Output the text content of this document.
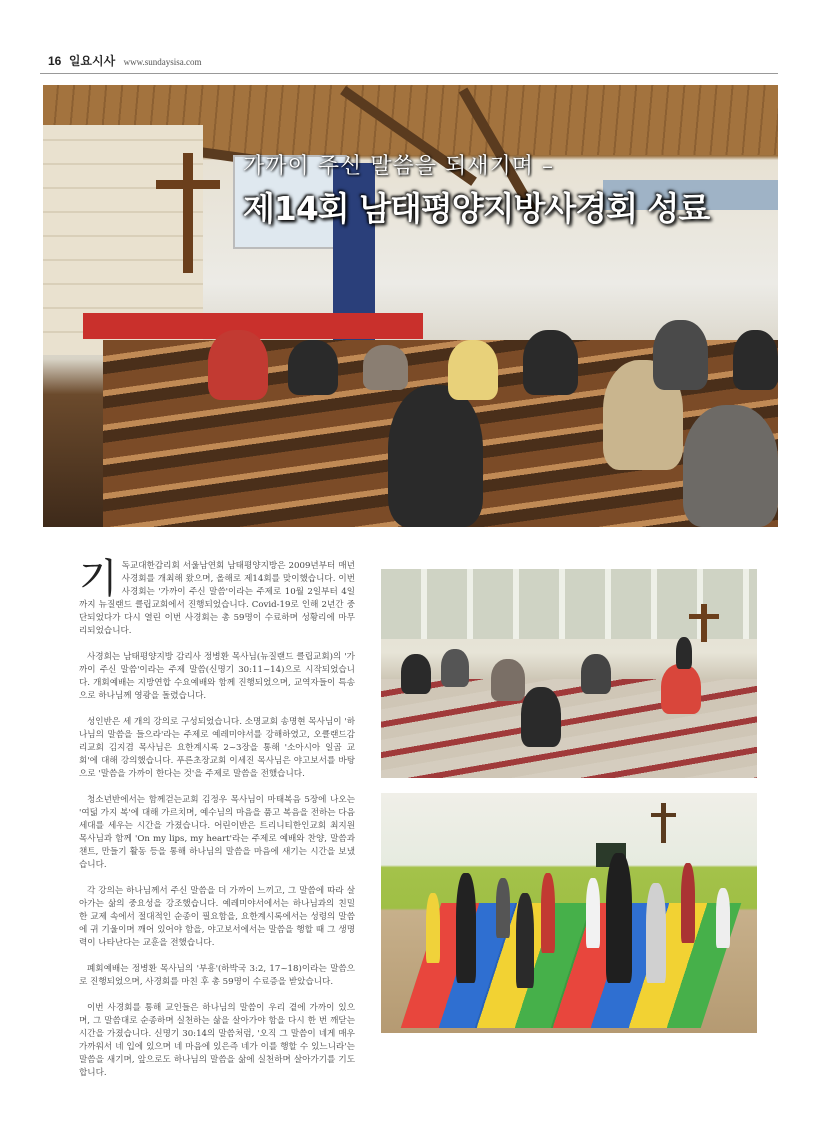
16 일요시사 www.sundaysisa.com
가까이 주신 말씀을 되새기며 –
제14회 남태평양지방사경회 성료

기독교대한감리회 서울남연회 남태평양지방은 2009년부터 매년 사경회를 개최해 왔으며, 올해로 제14회를 맞이했습니다. 이번 사경회는 '가까이 주신 말씀'이라는 주제로 10월 2일부터 4일까지 뉴질랜드 클립교회에서 진행되었습니다. Covid-19로 인해 2년간 중단되었다가 다시 열린 이번 사경회는 총 59명이 수료하며 성황리에 마무리되었습니다.

사경회는 남태평양지방 감리사 정병환 목사님(뉴질랜드 클립교회)의 '가까이 주신 말씀'이라는 주제 말씀(신명기 30:11~14)으로 시작되었습니다. 개회예배는 지방연합 수요예배와 함께 진행되었으며, 교역자들이 특송으로 하나님께 영광을 돌렸습니다.

성인반은 세 개의 강의로 구성되었습니다. 소명교회 송명현 목사님이 '하나님의 말씀을 들으라'라는 주제로 예레미야서를 강해하였고, 오클랜드감리교회 김지겸 목사님은 요한계시록 2~3장을 통해 '소아시아 일곱 교회'에 대해 강의했습니다. 푸른초장교회 이세진 목사님은 야고보서를 바탕으로 '말씀을 가까이 한다는 것'을 주제로 말씀을 전했습니다.

청소년반에서는 함께걷는교회 김정우 목사님이 마태복음 5장에 나오는 '여덟 가지 복'에 대해 가르치며, 예수님의 마음을 품고 복음을 전하는 다음 세대를 세우는 시간을 가졌습니다. 어린이반은 트리니티한인교회 최지원 목사님과 함께 'On my lips, my heart'라는 주제로 예배와 찬양, 말씀과 챈트, 만들기 활동 등을 통해 하나님의 말씀을 마음에 새기는 시간을 보냈습니다.

각 강의는 하나님께서 주신 말씀을 더 가까이 느끼고, 그 말씀에 따라 살아가는 삶의 중요성을 강조했습니다. 예레미야서에서는 하나님과의 친밀한 교제 속에서 절대적인 순종이 필요함을, 요한계시록에서는 성령의 말씀에 귀 기울이며 깨어 있어야 함을, 야고보서에서는 말씀을 행할 때 그 생명력이 나타난다는 교훈을 전했습니다.

폐회예배는 정병환 목사님의 '부흥'(하박국 3:2, 17~18)이라는 말씀으로 진행되었으며, 사경회를 마친 후 총 59명이 수료증을 받았습니다.

이번 사경회를 통해 교인들은 하나님의 말씀이 우리 곁에 가까이 있으며, 그 말씀대로 순종하며 실천하는 삶을 살아가야 함을 다시 한 번 깨닫는 시간을 가졌습니다. 신명기 30:14의 말씀처럼, '오직 그 말씀이 네게 매우 가까워서 네 입에 있으며 네 마음에 있은즉 네가 이를 행할 수 있느니라'는 말씀을 새기며, 앞으로도 하나님의 말씀을 삶에 실천하며 살아가기를 기도합니다.
